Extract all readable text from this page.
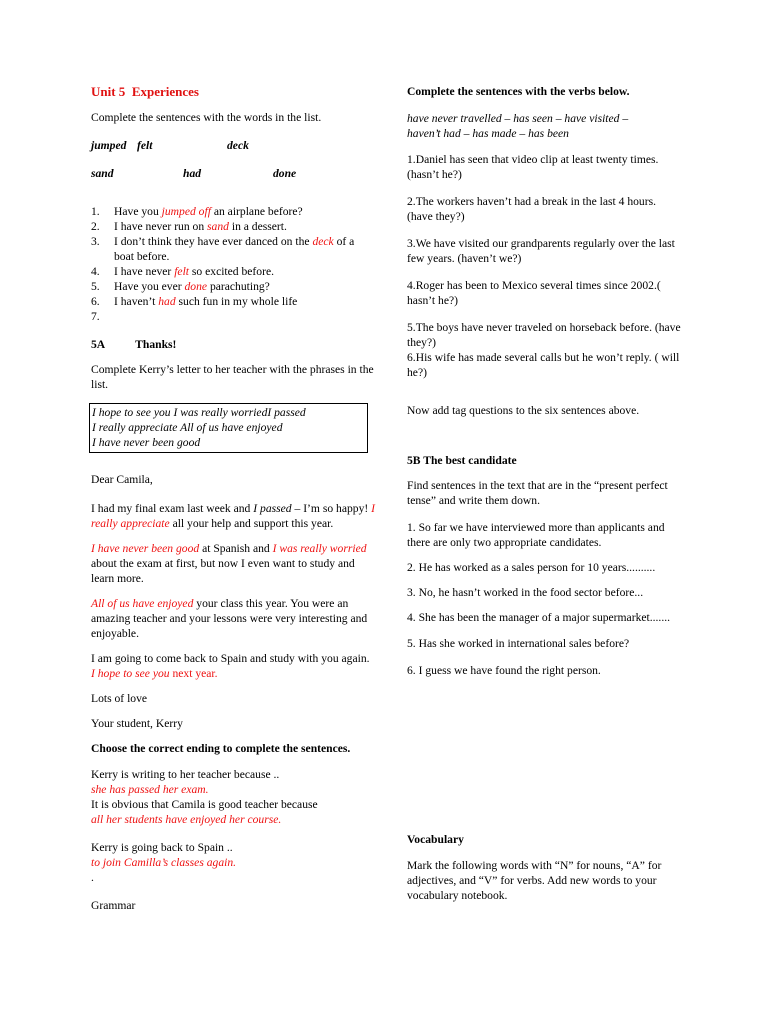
Unit 5 Experiences

Complete the sentences with the words in the list.

jumped felt	deck
sand	had	done
1. Have you jumped off an airplane before?
2. I have never run on sand in a dessert.
3. I don’t think they have ever danced on the deck of a boat before.
4. I have never felt so excited before.
5. Have you ever done parachuting?
6. I haven’t had such fun in my whole life
7.

5A	Thanks!

Complete Kerry’s letter to her teacher with the phrases in the list.

I hope to see you I was really worriedI passed

I really appreciate All of us have enjoyed

I have never been good

Dear Camila,

I had my final exam last week and I passed – I’m so happy! I really appreciate all your help and support this year.

I have never been good at Spanish and I was really worried about the exam at first, but now I even want to study and learn more.

All of us have enjoyed your class this year. You were an amazing teacher and your lessons were very interesting and enjoyable.

I am going to come back to Spain and study with you again. I hope to see you next year.

Lots of love

Your student, Kerry

Choose the correct ending to complete the sentences.

Kerry is writing to her teacher because ..

she has passed her exam.

It is obvious that Camila is good teacher because

all her students have enjoyed her course.

Kerry is going back to Spain ..

to join Camilla’s classes again.

.

Grammar

Complete the sentences with the verbs below.

have never travelled – has seen – have visited –

haven’t had – has made – has been

1.Daniel has seen that video clip at least twenty times. (hasn’t he?)

2.The workers haven’t had a break in the last 4 hours. (have they?)

3.We have visited our grandparents regularly over the last few years. (haven’t we?)

4.Roger has been to Mexico several times since 2002.( hasn’t he?)

5.The boys have never traveled on horseback before. (have they?)

6.His wife has made several calls but he won’t reply. ( will he?)

Now add tag questions to the six sentences above.

5B The best candidate

Find sentences in the text that are in the “present perfect tense” and write them down.

1. So far we have interviewed more than applicants and there are only two appropriate candidates.

2. He has worked as a sales person for 10 years..........

3. No, he hasn’t worked in the food sector before...

4. She has been the manager of a major supermarket.......

5. Has she worked in international sales before?

6. I guess we have found the right person.

Vocabulary

Mark the following words with “N” for nouns, “A” for adjectives, and “V” for verbs. Add new words to your vocabulary notebook.
